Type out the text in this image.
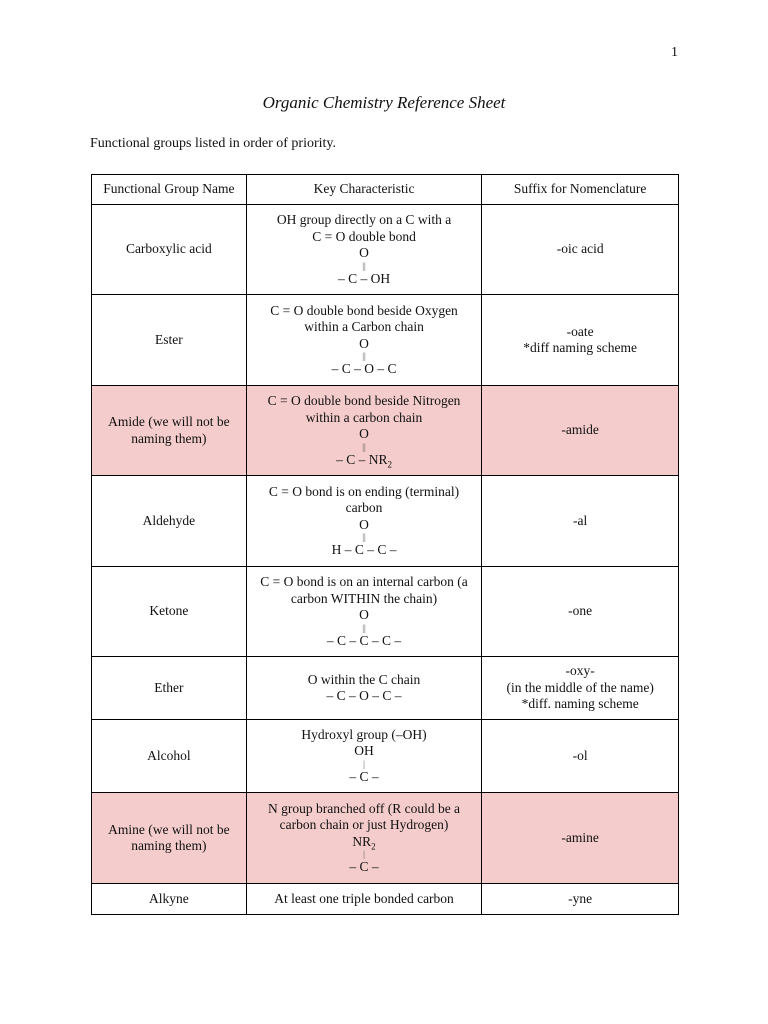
1
Organic Chemistry Reference Sheet
Functional groups listed in order of priority.
Functional Group Name	Key Characteristic	Suffix for Nomenclature
Carboxylic acid	OH group directly on a C with a
C = O double bond
O
||
– C – OH	-oic acid

Ester	C = O double bond beside Oxygen
within a Carbon chain
O
||
– C – O – C	-oate
*diff naming scheme

Amide (we will not be naming them)	C = O double bond beside Nitrogen
within a carbon chain
O
||
– C – $NR_2$	-amide

Aldehyde	C = O bond is on ending (terminal)
carbon
O
||
H – C – C –	-al

Ketone	C = O bond is on an internal carbon (a
carbon WITHIN the chain)
O
||
– C – C – C –	-one

Ether	O within the C chain
– C – O – C –	-oxy-
(in the middle of the name)
*diff. naming scheme

Alcohol	Hydroxyl group (–OH)
OH
|
– C –	-ol

Amine (we will not be naming them)	N group branched off (R could be a
carbon chain or just Hydrogen)
$NR_2$
|
– C –	-amine

Alkyne	At least one triple bonded carbon	-yne
